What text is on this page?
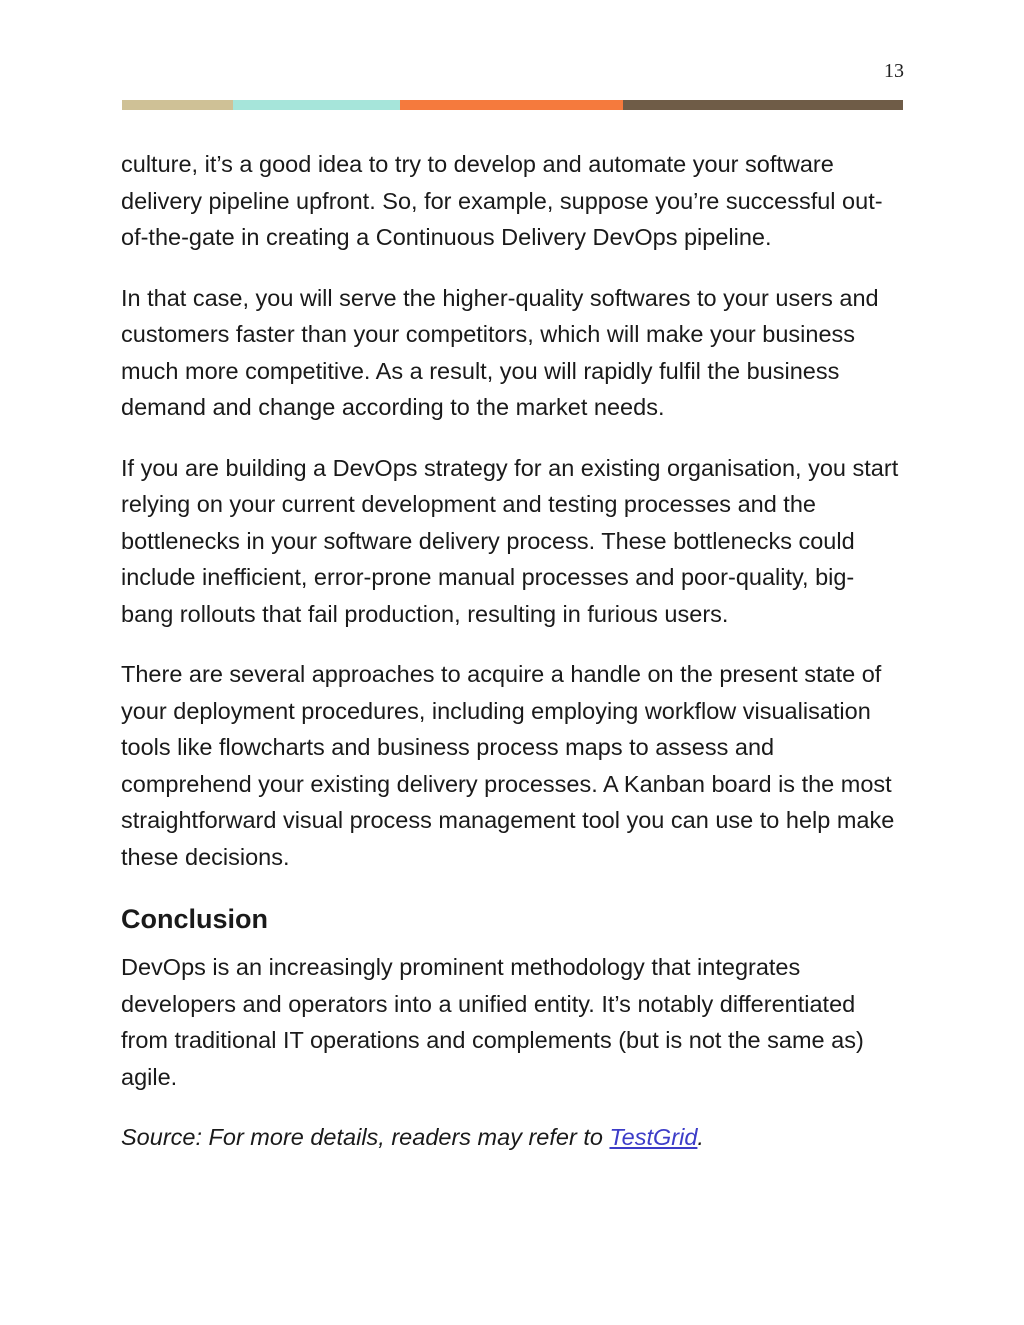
13

culture, it’s a good idea to try to develop and automate your software delivery pipeline upfront. So, for example, suppose you’re successful out-of-the-gate in creating a Continuous Delivery DevOps pipeline.

In that case, you will serve the higher-quality softwares to your users and customers faster than your competitors, which will make your business much more competitive. As a result, you will rapidly fulfil the business demand and change according to the market needs.

If you are building a DevOps strategy for an existing organisation, you start relying on your current development and testing processes and the bottlenecks in your software delivery process. These bottlenecks could include inefficient, error-prone manual processes and poor-quality, big-bang rollouts that fail production, resulting in furious users.

There are several approaches to acquire a handle on the present state of your deployment procedures, including employing workflow visualisation tools like flowcharts and business process maps to assess and comprehend your existing delivery processes. A Kanban board is the most straightforward visual process management tool you can use to help make these decisions.

Conclusion

DevOps is an increasingly prominent methodology that integrates developers and operators into a unified entity. It’s notably differentiated from traditional IT operations and complements (but is not the same as) agile.

Source: For more details, readers may refer to TestGrid.
